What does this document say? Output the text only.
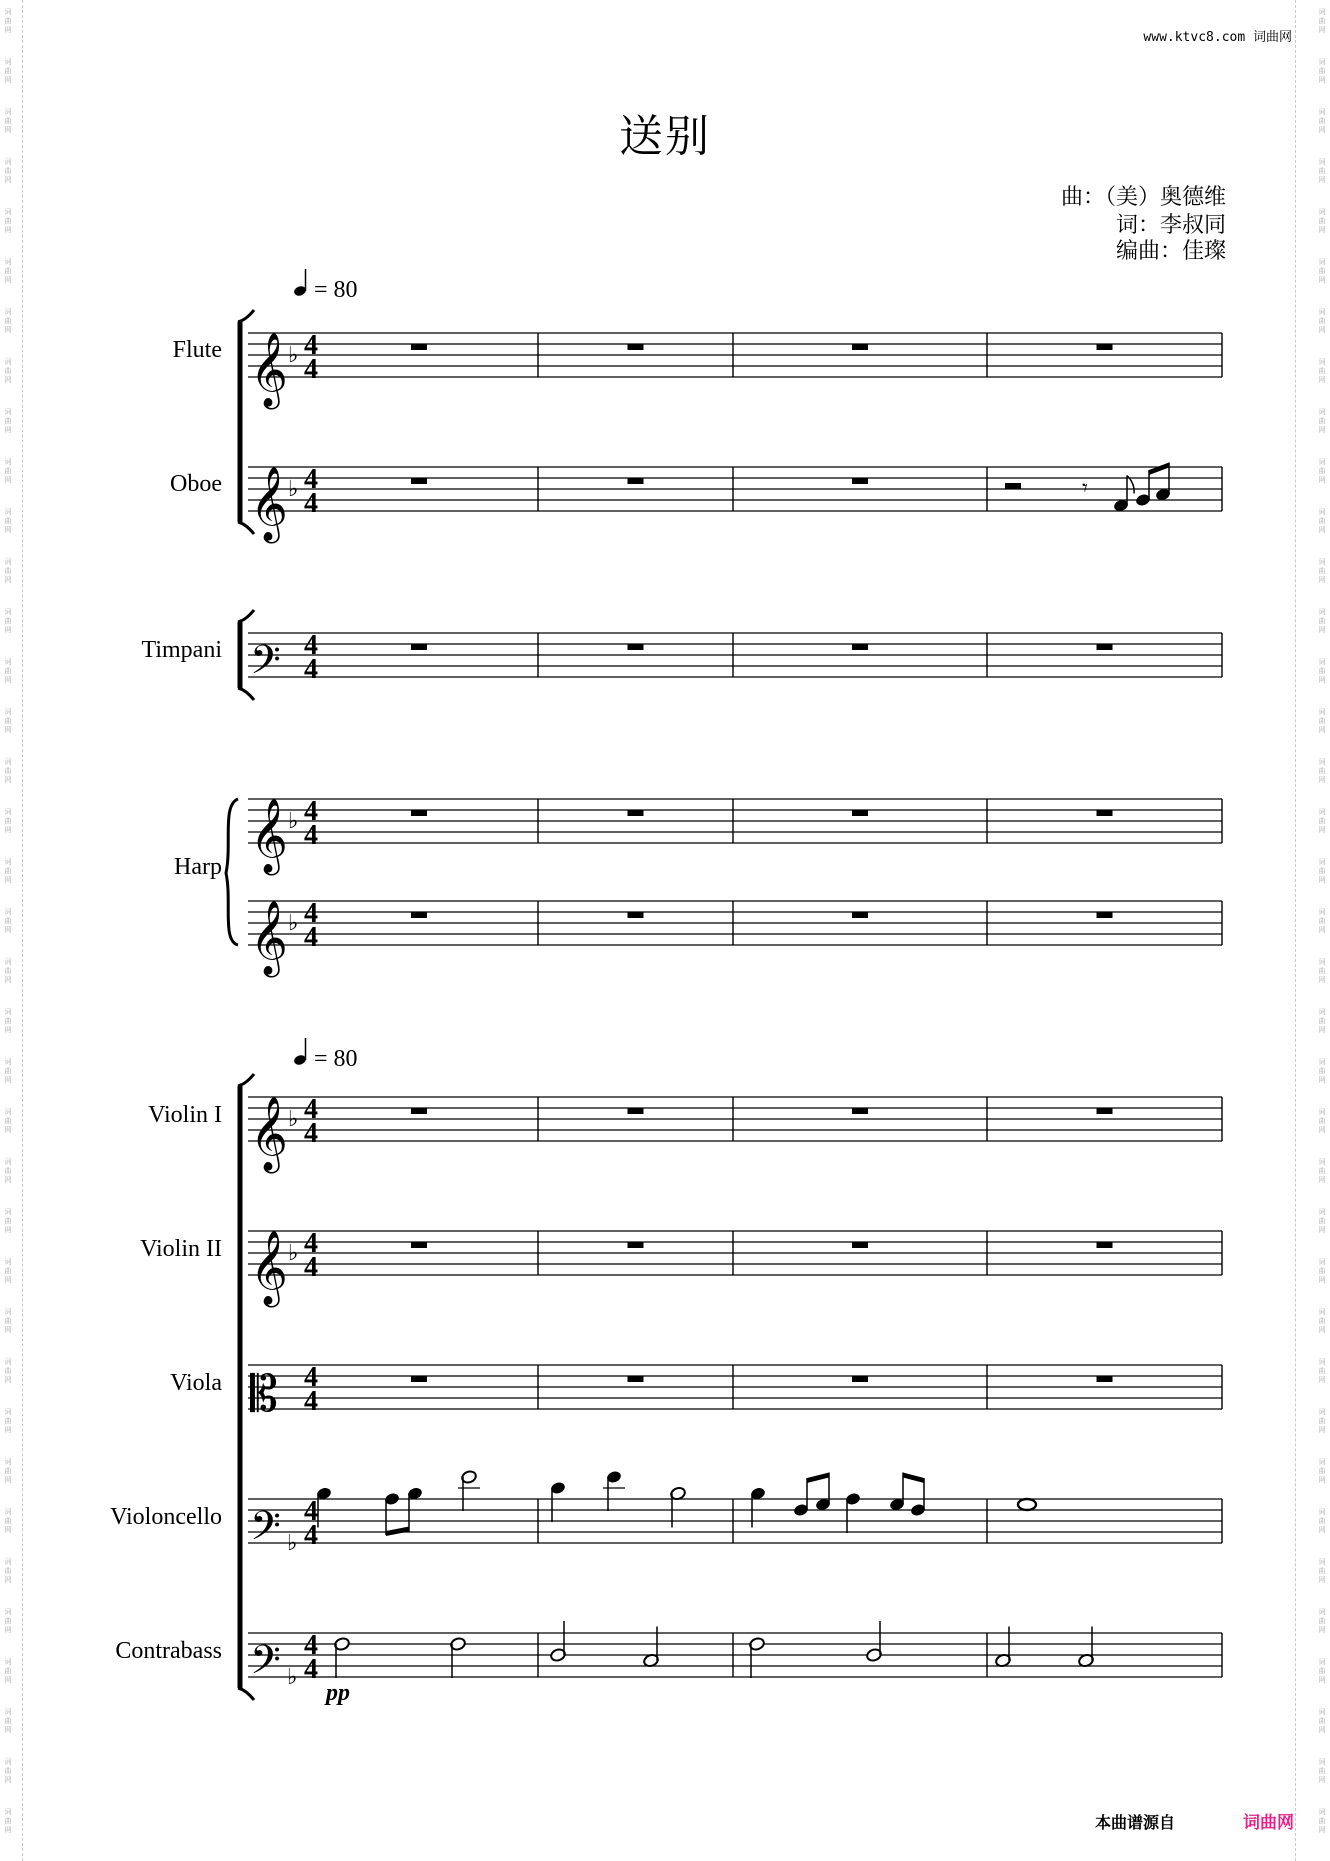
词
曲
网
词
曲
网
词
曲
网
词
曲
网
词
曲
网
词
曲
网
词
曲
网
词
曲
网
词
曲
网
词
曲
网
词
曲
网
词
曲
网
词
曲
网
词
曲
网
词
曲
网
词
曲
网
词
曲
网
词
曲
网
词
曲
网
词
曲
网
词
曲
网
词
曲
网
词
曲
网
词
曲
网
词
曲
网
词
曲
网
词
曲
网
词
曲
网
词
曲
网
词
曲
网
词
曲
网
词
曲
网
词
曲
网
词
曲
网
词
曲
网
词
曲
网
词
曲
网
词
曲
网
词
曲
网
词
曲
网
词
曲
网
词
曲
网
词
曲
网
词
曲
网
词
曲
网
词
曲
网
词
曲
网
词
曲
网
词
曲
网
词
曲
网
词
曲
网
词
曲
网
词
曲
网
词
曲
网
词
曲
网
词
曲
网
词
曲
网
词
曲
网
词
曲
网
词
曲
网
词
曲
网
词
曲
网
词
曲
网
词
曲
网
词
曲
网
词
曲
网
词
曲
网
词
曲
网
词
曲
网
词
曲
网
词
曲
网
词
曲
网
词
曲
网
词
曲
网
www.ktvc8.com 词曲网
送别
曲：（美）奥德维
词：李叔同
编曲：佳璨
𝄞 ♭ 4
4
𝄞 ♭ 4
4
𝄾
𝄢 4
4
𝄞 ♭ 4
4
𝄞 ♭ 4
4
𝄞 ♭ 4
4
𝄞 ♭ 4
4
𝄡 4
4
𝄢 ♭
4
4
𝄢 ♭
4
4
Flute
Oboe
Timpani
Harp
Violin I
Violin II
Viola
Violoncello
Contrabass
pp
= 80
= 80
本曲谱源自	词曲网
